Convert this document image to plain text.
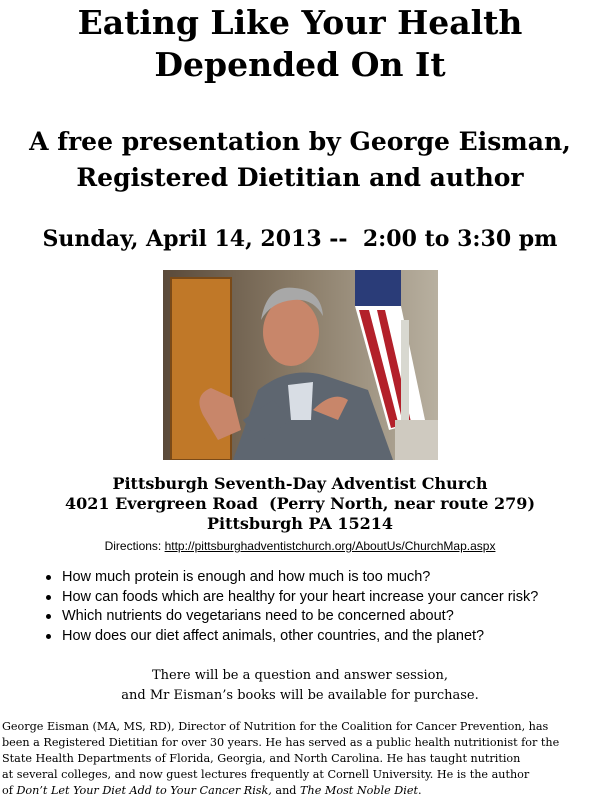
Eating Like Your Health
Depended On It
A free presentation by George Eisman,
Registered Dietitian and author
Sunday, April 14, 2013 --  2:00 to 3:30 pm
Pittsburgh Seventh-Day Adventist Church
4021 Evergreen Road  (Perry North, near route 279)
Pittsburgh PA 15214
Directions: http://pittsburghadventistchurch.org/AboutUs/ChurchMap.aspx
How much protein is enough and how much is too much?
How can foods which are healthy for your heart increase your cancer risk?
Which nutrients do vegetarians need to be concerned about?
How does our diet affect animals, other countries, and the planet?
There will be a question and answer session,
and Mr Eisman’s books will be available for purchase.
George Eisman (MA, MS, RD), Director of Nutrition for the Coalition for Cancer Prevention, has
been a Registered Dietitian for over 30 years. He has served as a public health nutritionist for the
State Health Departments of Florida, Georgia, and North Carolina. He has taught nutrition
at several colleges, and now guest lectures frequently at Cornell University. He is the author
of Don’t Let Your Diet Add to Your Cancer Risk, and The Most Noble Diet.
